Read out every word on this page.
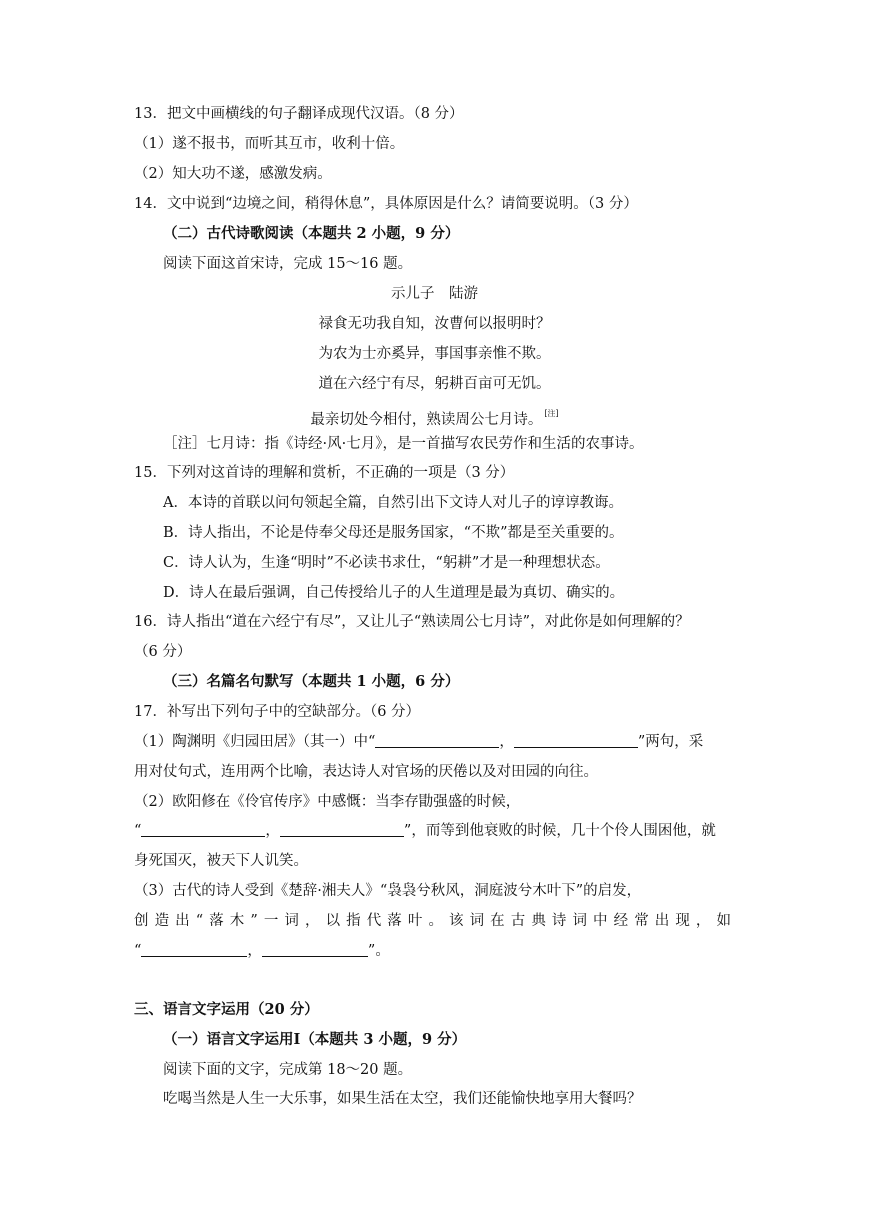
13．把文中画横线的句子翻译成现代汉语。（8 分）
（1）遂不报书，而听其互市，收利十倍。
（2）知大功不遂，感激发病。
14．文中说到“边境之间，稍得休息”，具体原因是什么？请简要说明。（3 分）
（二）古代诗歌阅读（本题共 2 小题，9 分）
阅读下面这首宋诗，完成 15～16 题。
示儿子　陆游
禄食无功我自知，汝曹何以报明时？
为农为士亦奚异，事国事亲惟不欺。
道在六经宁有尽，躬耕百亩可无饥。
最亲切处今相付，熟读周公七月诗。 [注]
［注］七月诗：指《诗经·风·七月》，是一首描写农民劳作和生活的农事诗。
15．下列对这首诗的理解和赏析，不正确的一项是（3 分）
A．本诗的首联以问句领起全篇，自然引出下文诗人对儿子的谆谆教诲。
B．诗人指出，不论是侍奉父母还是服务国家，“不欺”都是至关重要的。
C．诗人认为，生逢“明时”不必读书求仕，“躬耕”才是一种理想状态。
D．诗人在最后强调，自己传授给儿子的人生道理是最为真切、确实的。
16．诗人指出“道在六经宁有尽”，又让儿子“熟读周公七月诗”，对此你是如何理解的？
（6 分）
（三）名篇名句默写（本题共 1 小题，6 分）
17．补写出下列句子中的空缺部分。（6 分）
（1）陶渊明《归园田居》（其一）中“	，	”两句，采
用对仗句式，连用两个比喻，表达诗人对官场的厌倦以及对田园的向往。
（2）欧阳修在《伶官传序》中感慨：当李存勖强盛的时候，
“	，	”，而等到他衰败的时候，几十个伶人围困他，就
身死国灭，被天下人讥笑。
（3）古代的诗人受到《楚辞·湘夫人》“袅袅兮秋风，洞庭波兮木叶下”的启发，
创造出“落木”一词，以指代落叶。该词在古典诗词中经常出现，如
“	，	”。
三、语言文字运用（20 分）
（一）语言文字运用Ⅰ（本题共 3 小题，9 分）
阅读下面的文字，完成第 18～20 题。
吃喝当然是人生一大乐事，如果生活在太空，我们还能愉快地享用大餐吗？
